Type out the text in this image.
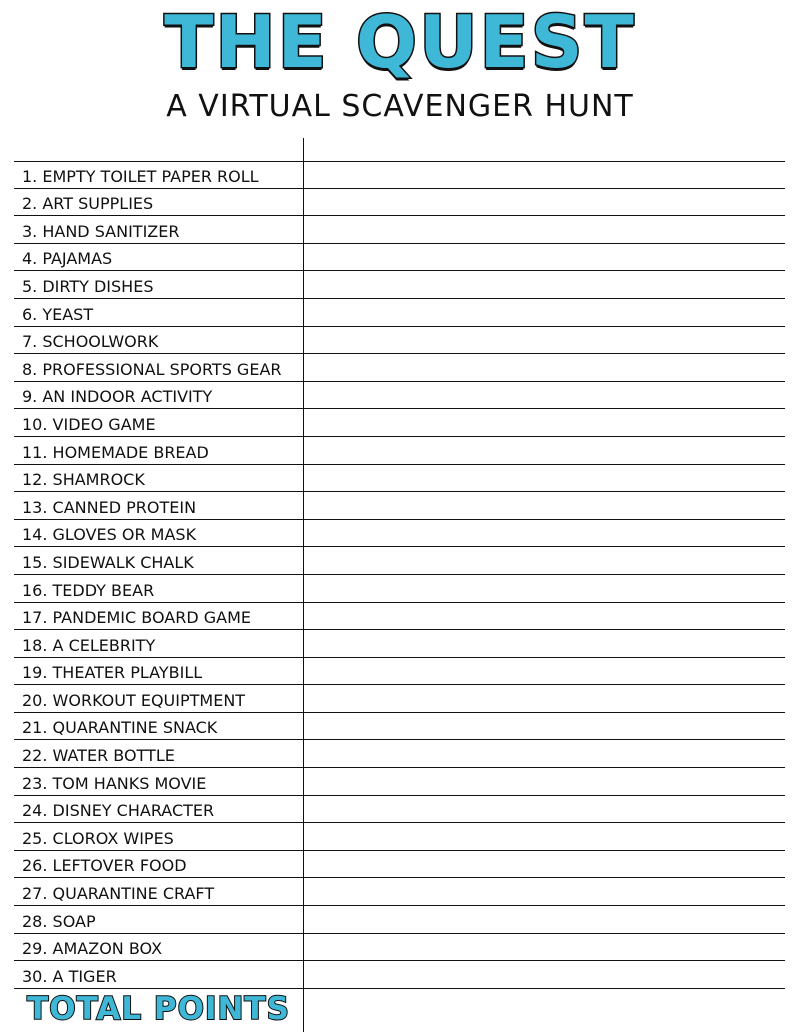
THE QUEST
A VIRTUAL SCAVENGER HUNT
1. EMPTY TOILET PAPER ROLL
2. ART SUPPLIES
3. HAND SANITIZER
4. PAJAMAS
5. DIRTY DISHES
6. YEAST
7. SCHOOLWORK
8. PROFESSIONAL SPORTS GEAR
9. AN INDOOR ACTIVITY
10. VIDEO GAME
11. HOMEMADE BREAD
12. SHAMROCK
13. CANNED PROTEIN
14. GLOVES OR MASK
15. SIDEWALK CHALK
16. TEDDY BEAR
17. PANDEMIC BOARD GAME
18. A CELEBRITY
19. THEATER PLAYBILL
20. WORKOUT EQUIPTMENT
21. QUARANTINE SNACK
22. WATER BOTTLE
23. TOM HANKS MOVIE
24. DISNEY CHARACTER
25. CLOROX WIPES
26. LEFTOVER FOOD
27. QUARANTINE CRAFT
28. SOAP
29. AMAZON BOX
30. A TIGER
TOTAL POINTS
